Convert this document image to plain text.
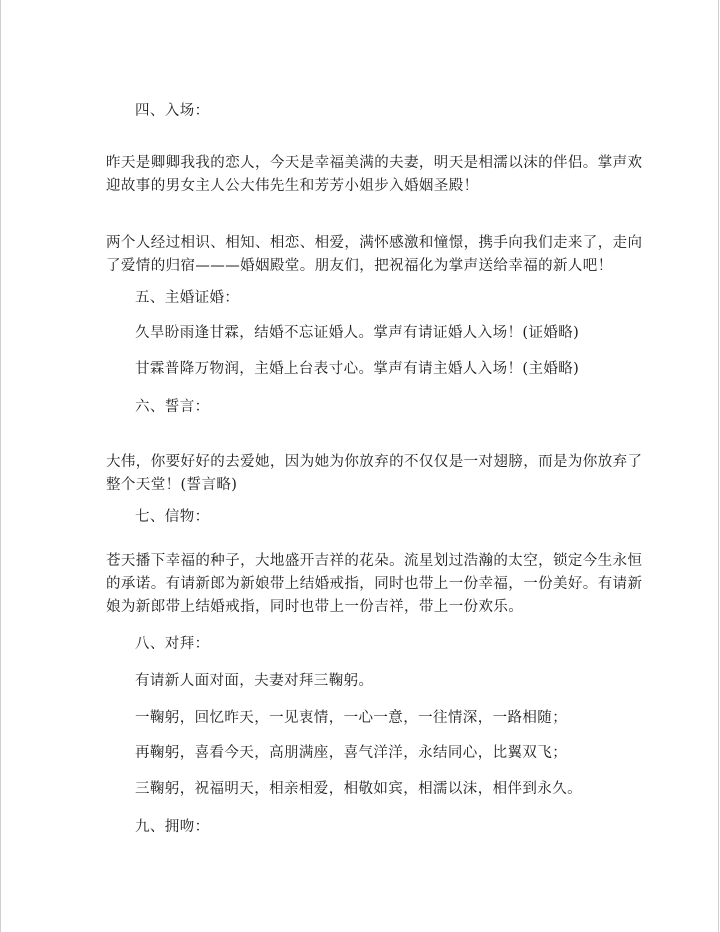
四、入场：
昨天是卿卿我我的恋人，今天是幸福美满的夫妻，明天是相濡以沫的伴侣。掌声欢
迎故事的男女主人公大伟先生和芳芳小姐步入婚姻圣殿！
两个人经过相识、相知、相恋、相爱，满怀感激和憧憬，携手向我们走来了，走向
了爱情的归宿———婚姻殿堂。朋友们，把祝福化为掌声送给幸福的新人吧！
五、主婚证婚：
久旱盼雨逢甘霖，结婚不忘证婚人。掌声有请证婚人入场！(证婚略)
甘霖普降万物润，主婚上台表寸心。掌声有请主婚人入场！(主婚略)
六、誓言：
大伟，你要好好的去爱她，因为她为你放弃的不仅仅是一对翅膀，而是为你放弃了
整个天堂！(誓言略)
七、信物：
苍天播下幸福的种子，大地盛开吉祥的花朵。流星划过浩瀚的太空，锁定今生永恒
的承诺。有请新郎为新娘带上结婚戒指，同时也带上一份幸福，一份美好。有请新
娘为新郎带上结婚戒指，同时也带上一份吉祥，带上一份欢乐。
八、对拜：
有请新人面对面，夫妻对拜三鞠躬。
一鞠躬，回忆昨天，一见衷情，一心一意，一往情深，一路相随；
再鞠躬，喜看今天，高朋满座，喜气洋洋，永结同心，比翼双飞；
三鞠躬，祝福明天，相亲相爱，相敬如宾，相濡以沫，相伴到永久。
九、拥吻：
